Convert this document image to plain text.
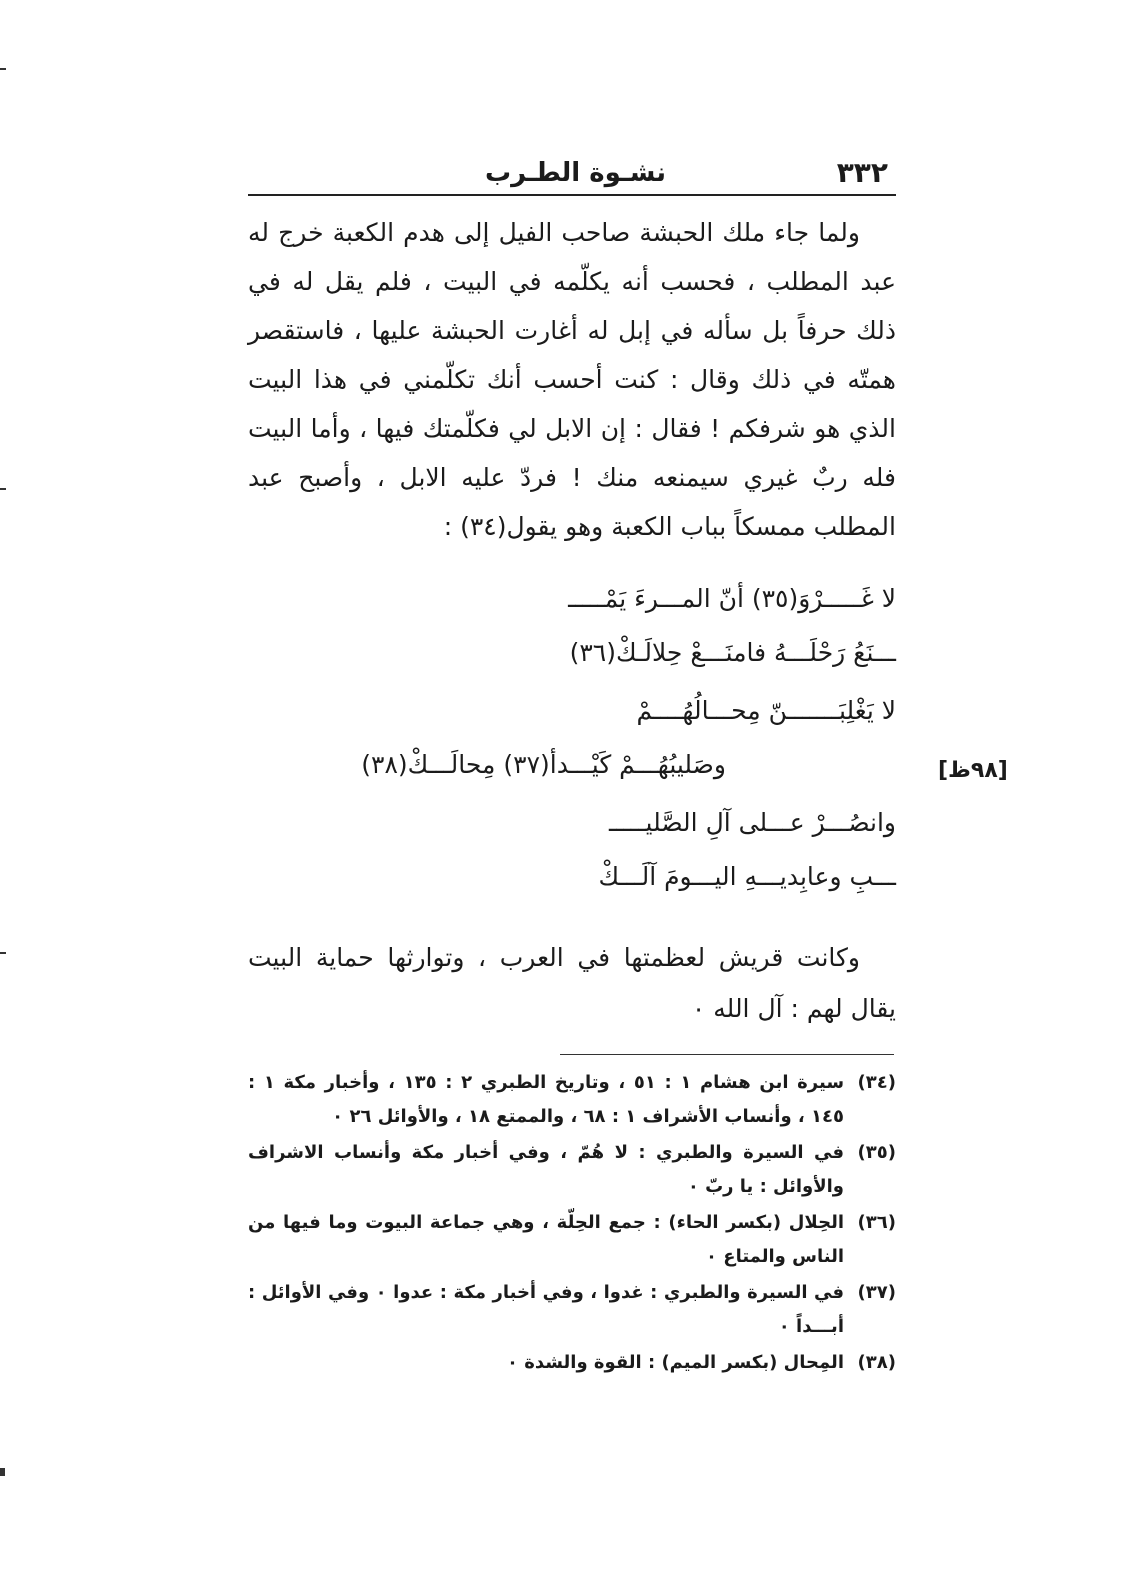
٣٣٢
نشـوة الطـرب

ولما جاء ملك الحبشة صاحب الفيل إلى هدم الكعبة خرج له عبد المطلب ، فحسب أنه يكلّمه في البيت ، فلم يقل له في ذلك حرفاً بل سأله في إبل له أغارت الحبشة عليها ، فاستقصر همتّه في ذلك وقال : كنت أحسب أنك تكلّمني في هذا البيت الذي هو شرفكم ! فقال : إن الابل لي فكلّمتك فيها ، وأما البيت فله ربٌ غيري سيمنعه منك ! فردّ عليه الابل ، وأصبح عبد المطلب ممسكاً بباب الكعبة وهو يقول(٣٤) :

لا غَـــــرْوَ(٣٥) أنّ المـــرءَ يَمْـــــ
ـــنَعُ رَحْلَـــهُ فامنَـــعْ حِلالَـكْ(٣٦)
لا يَغْلِبَـــــــنّ مِحـــالُهُــــمْ
وصَليبُهُـــمْ كَيْـــدأ(٣٧) مِحالَـــكْ(٣٨)
وانصُـــرْ عـــلى آلِ الصَّليـــــ
ـــبِ وعابِديـــهِ اليـــومَ آلَـــكْ
[٩٨ظ]

وكانت قريش لعظمتها في العرب ، وتوارثها حماية البيت يقال لهم : آل الله ٠

(٣٤)
سيرة ابن هشام ١ : ٥١ ، وتاريخ الطبري ٢ : ١٣٥ ، وأخبار مكة ١ : ١٤٥ ، وأنساب الأشراف ١ : ٦٨ ، والممتع ١٨ ، والأوائل ٢٦ ٠
(٣٥)
في السيرة والطبري : لا هُمّ ، وفي أخبار مكة وأنساب الاشراف والأوائل : يا ربّ ٠
(٣٦)
الحِلال (بكسر الحاء) : جمع الحِلّة ، وهي جماعة البيوت وما فيها من الناس والمتاع ٠
(٣٧)
في السيرة والطبري : غدوا ، وفي أخبار مكة : عدوا ٠ وفي الأوائل : أبـــداً ٠
(٣٨)
المِحال (بكسر الميم) : القوة والشدة ٠
